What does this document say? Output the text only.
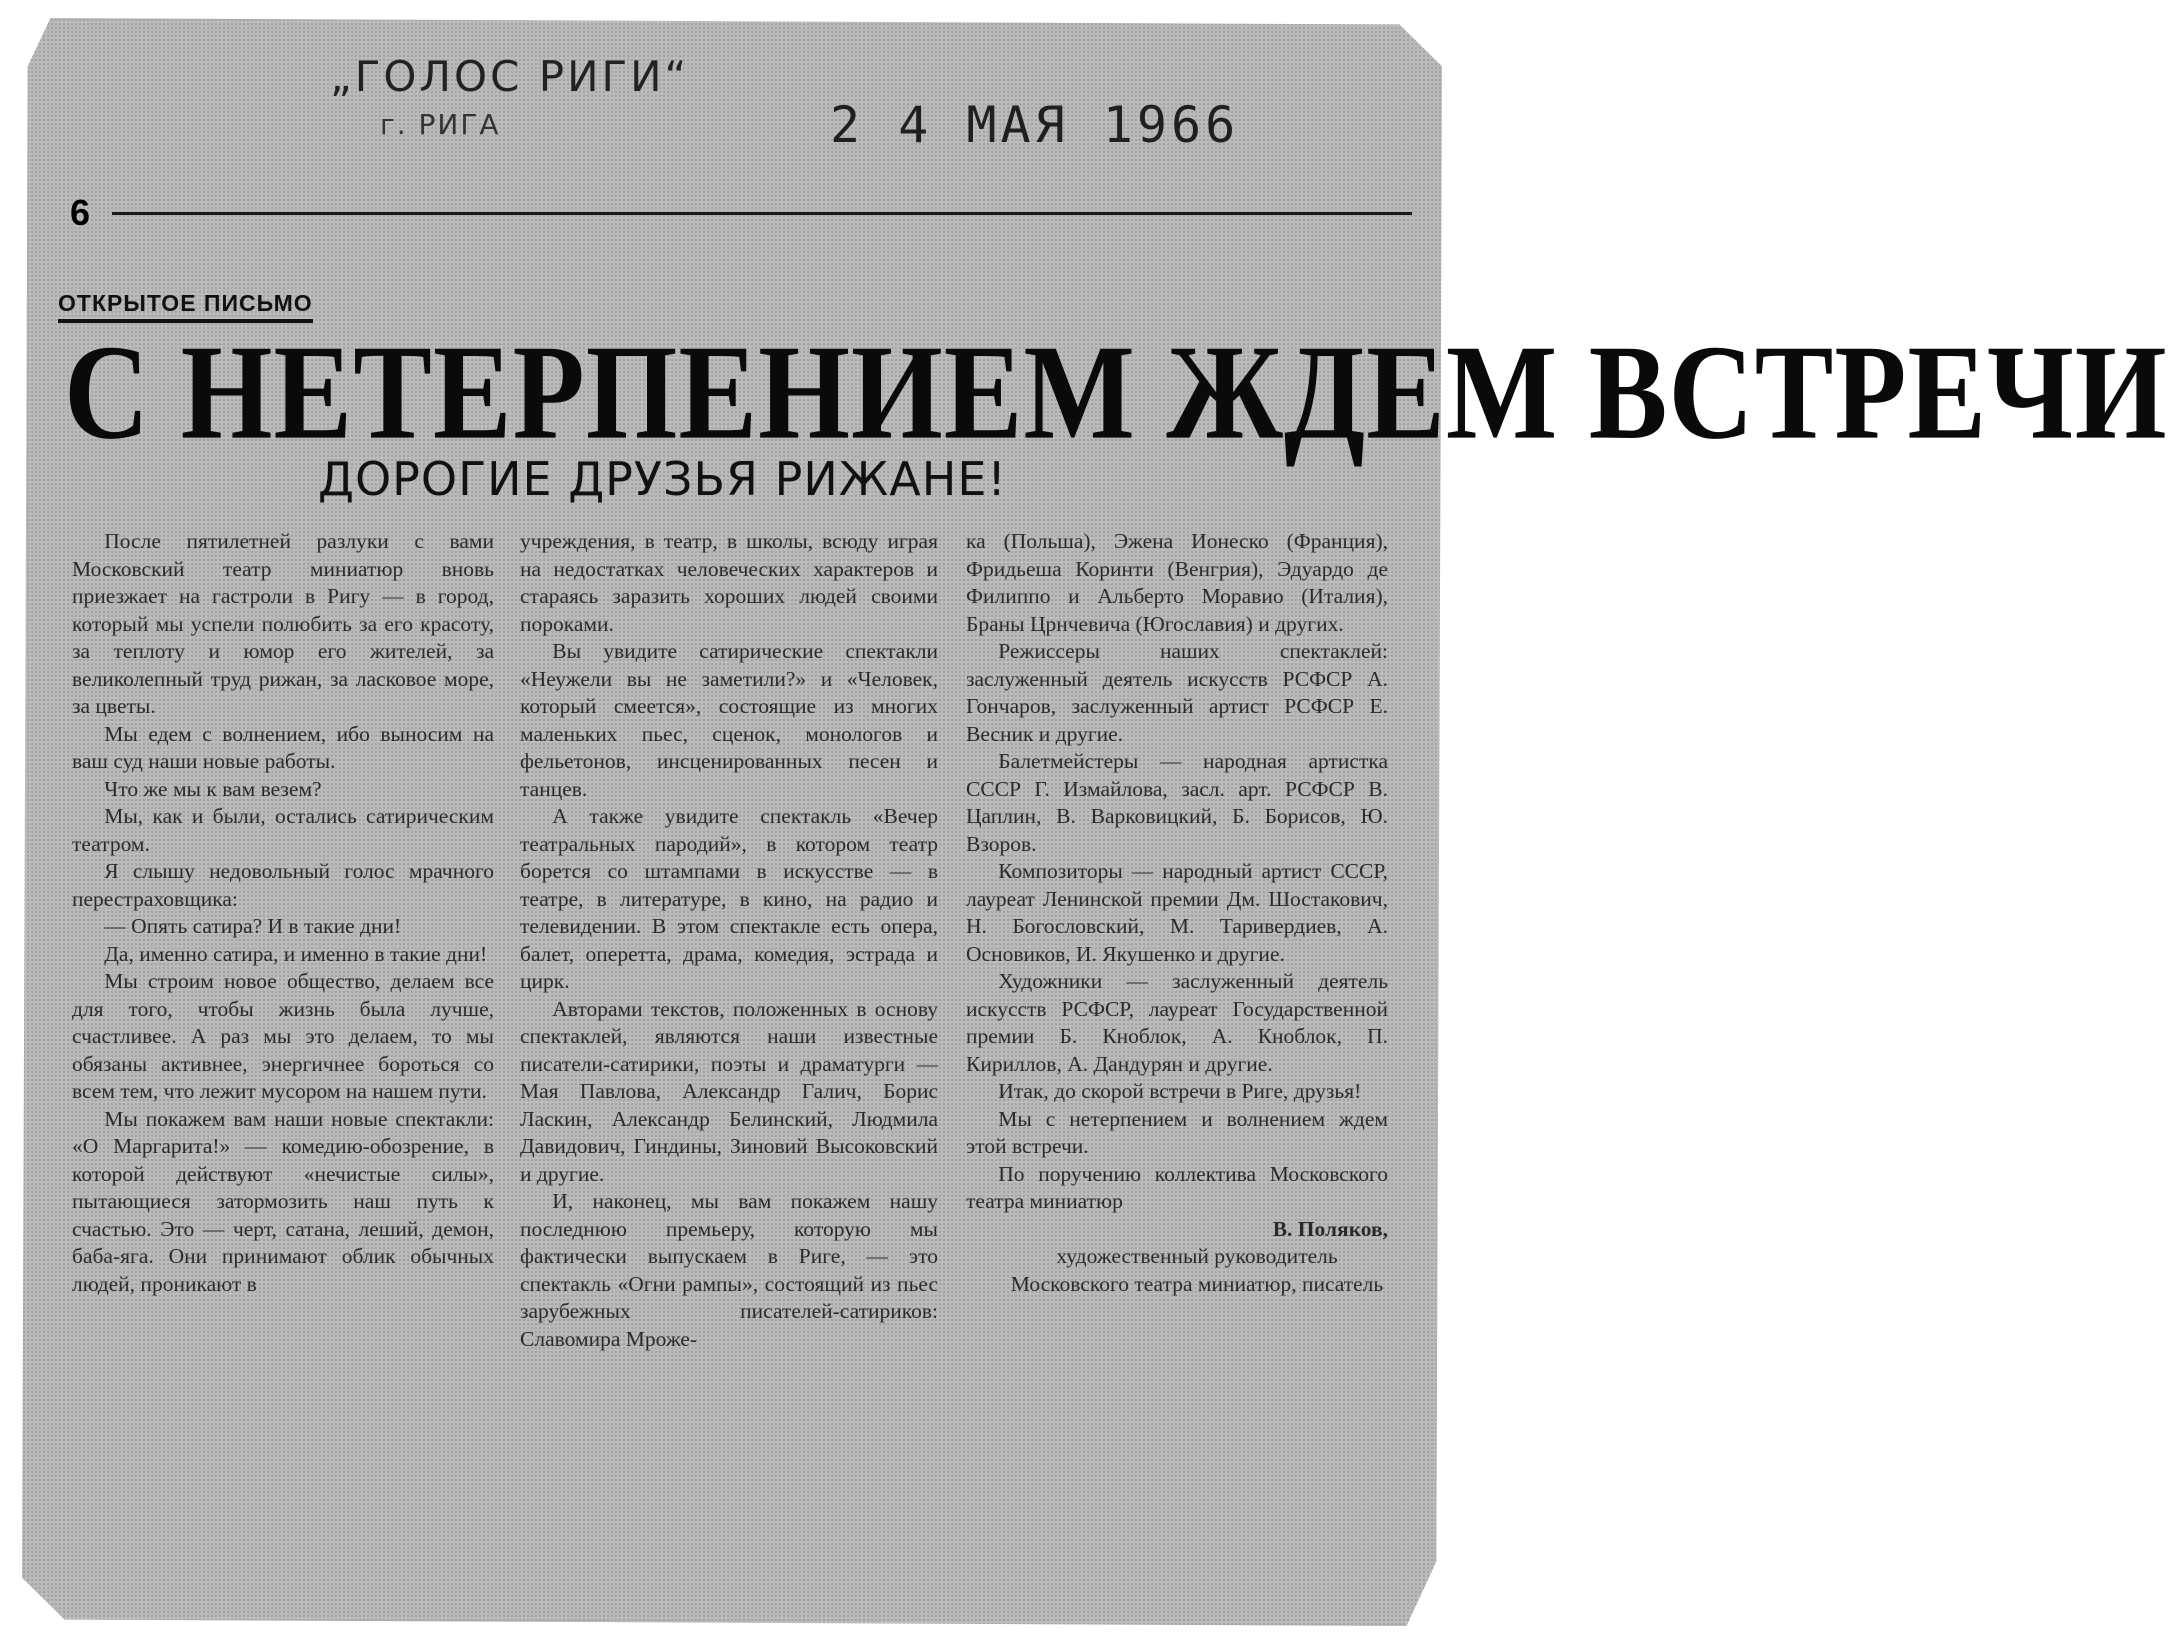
„ГОЛОС РИГИ“
г. РИГА	2 4 МАЯ 1966
6
ОТКРЫТОЕ ПИСЬМО
С НЕТЕРПЕНИЕМ ЖДЕМ ВСТРЕЧИ
ДОРОГИЕ ДРУЗЬЯ РИЖАНЕ!

После пятилетней разлуки с вами Московский театр миниатюр вновь приезжает на гастроли в Ригу — в город, который мы успели полюбить за его красоту, за теплоту и юмор его жителей, за великолепный труд рижан, за ласковое море, за цветы.

Мы едем с волнением, ибо выносим на ваш суд наши новые работы.

Что же мы к вам везем?

Мы, как и были, остались сатирическим театром.

Я слышу недовольный голос мрачного перестраховщика:

— Опять сатира? И в такие дни!

Да, именно сатира, и именно в такие дни!

Мы строим новое общество, делаем все для того, чтобы жизнь была лучше, счастливее. А раз мы это делаем, то мы обязаны активнее, энергичнее бороться со всем тем, что лежит мусором на нашем пути.

Мы покажем вам наши новые спектакли: «О Маргарита!» — комедию-обозрение, в которой действуют «нечистые силы», пытающиеся затормозить наш путь к счастью. Это — черт, сатана, леший, демон, баба-яга. Они принимают облик обычных людей, проникают в

учреждения, в театр, в школы, всюду играя на недостатках человеческих характеров и стараясь заразить хороших людей своими пороками.

Вы увидите сатирические спектакли «Неужели вы не заметили?» и «Человек, который смеется», состоящие из многих маленьких пьес, сценок, монологов и фельетонов, инсценированных песен и танцев.

А также увидите спектакль «Вечер театральных пародий», в котором театр борется со штампами в искусстве — в театре, в литературе, в кино, на радио и телевидении. В этом спектакле есть опера, балет, оперетта, драма, комедия, эстрада и цирк.

Авторами текстов, положенных в основу спектаклей, являются наши известные писатели-сатирики, поэты и драматурги — Мая Павлова, Александр Галич, Борис Ласкин, Александр Белинский, Людмила Давидович, Гиндины, Зиновий Высоковский и другие.

И, наконец, мы вам покажем нашу последнюю премьеру, которую мы фактически выпускаем в Риге, — это спектакль «Огни рампы», состоящий из пьес зарубежных писателей-сатириков: Славомира Мроже-

ка (Польша), Эжена Ионеско (Франция), Фридьеша Коринти (Венгрия), Эдуардо де Филиппо и Альберто Моравио (Италия), Браны Црнчевича (Югославия) и других.

Режиссеры наших спектаклей: заслуженный деятель искусств РСФСР А. Гончаров, заслуженный артист РСФСР Е. Весник и другие.

Балетмейстеры — народная артистка СССР Г. Измайлова, засл. арт. РСФСР В. Цаплин, В. Варковицкий, Б. Борисов, Ю. Взоров.

Композиторы — народный артист СССР, лауреат Ленинской премии Дм. Шостакович, Н. Богословский, М. Таривердиев, А. Основиков, И. Якушенко и другие.

Художники — заслуженный деятель искусств РСФСР, лауреат Государственной премии Б. Кноблок, А. Кноблок, П. Кириллов, А. Дандурян и другие.

Итак, до скорой встречи в Риге, друзья!

Мы с нетерпением и волнением ждем этой встречи.

По поручению коллектива Московского театра миниатюр

В. Поляков,

художественный руководитель Московского театра миниатюр, писатель
